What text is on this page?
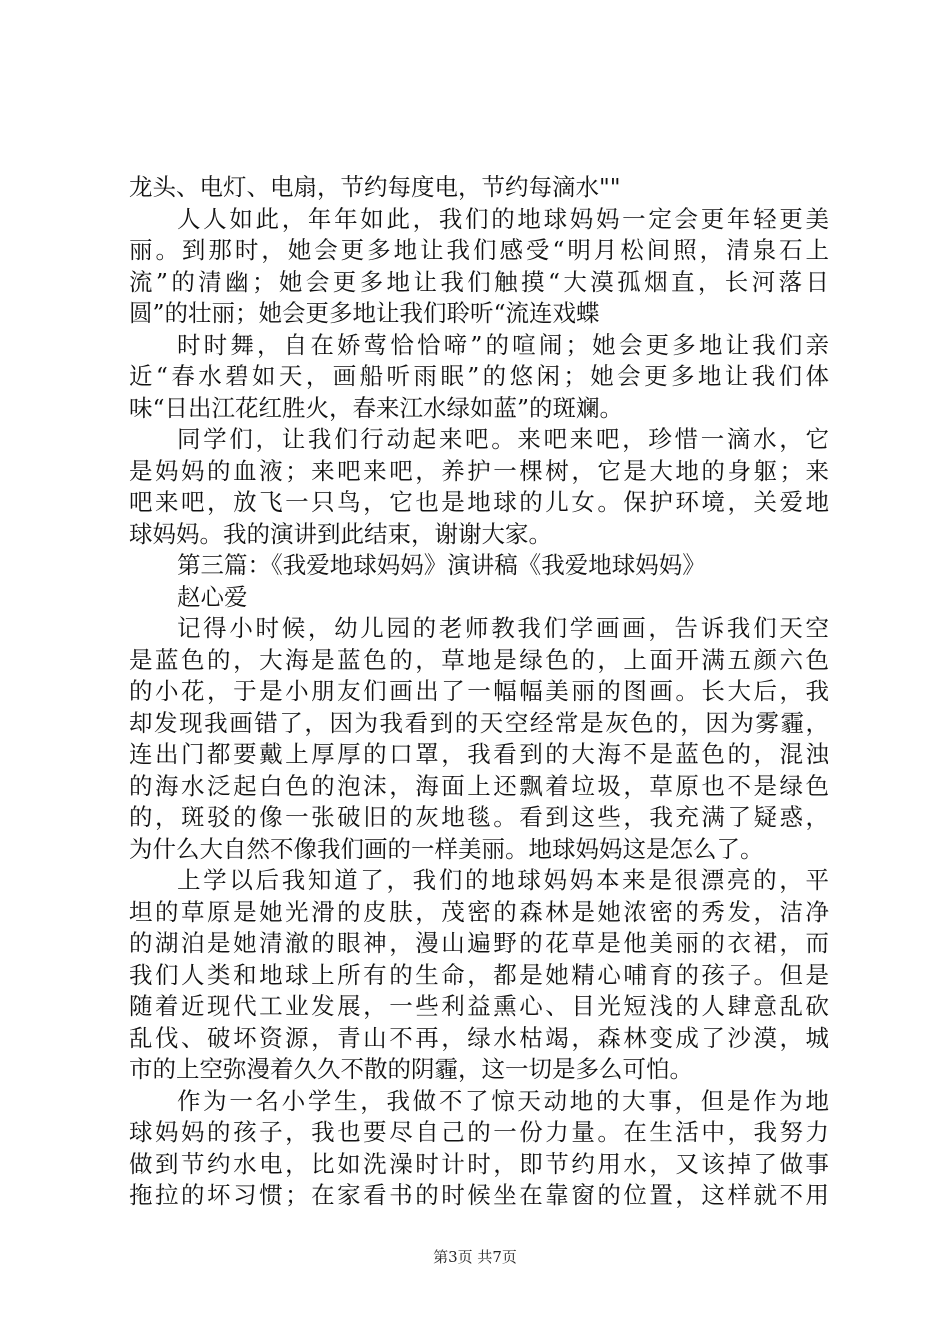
龙头、电灯、电扇，节约每度电，节约每滴水""
人人如此，年年如此，我们的地球妈妈一定会更年轻更美
丽。到那时，她会更多地让我们感受“明月松间照，清泉石上
流”的清幽；她会更多地让我们触摸“大漠孤烟直，长河落日
圆”的壮丽；她会更多地让我们聆听“流连戏蝶
时时舞，自在娇莺恰恰啼”的喧闹；她会更多地让我们亲
近“春水碧如天，画船听雨眠”的悠闲；她会更多地让我们体
味“日出江花红胜火，春来江水绿如蓝”的斑斓。
同学们，让我们行动起来吧。来吧来吧，珍惜一滴水，它
是妈妈的血液；来吧来吧，养护一棵树，它是大地的身躯；来
吧来吧，放飞一只鸟，它也是地球的儿女。保护环境，关爱地
球妈妈。我的演讲到此结束，谢谢大家。
第三篇：《我爱地球妈妈》演讲稿《我爱地球妈妈》
赵心爱
记得小时候，幼儿园的老师教我们学画画，告诉我们天空
是蓝色的，大海是蓝色的，草地是绿色的，上面开满五颜六色
的小花，于是小朋友们画出了一幅幅美丽的图画。长大后，我
却发现我画错了，因为我看到的天空经常是灰色的，因为雾霾，
连出门都要戴上厚厚的口罩，我看到的大海不是蓝色的，混浊
的海水泛起白色的泡沫，海面上还飘着垃圾，草原也不是绿色
的，斑驳的像一张破旧的灰地毯。看到这些，我充满了疑惑，
为什么大自然不像我们画的一样美丽。地球妈妈这是怎么了。
上学以后我知道了，我们的地球妈妈本来是很漂亮的，平
坦的草原是她光滑的皮肤，茂密的森林是她浓密的秀发，洁净
的湖泊是她清澈的眼神，漫山遍野的花草是他美丽的衣裙，而
我们人类和地球上所有的生命，都是她精心哺育的孩子。但是
随着近现代工业发展，一些利益熏心、目光短浅的人肆意乱砍
乱伐、破坏资源，青山不再，绿水枯竭，森林变成了沙漠，城
市的上空弥漫着久久不散的阴霾，这一切是多么可怕。
作为一名小学生，我做不了惊天动地的大事，但是作为地
球妈妈的孩子，我也要尽自己的一份力量。在生活中，我努力
做到节约水电，比如洗澡时计时，即节约用水，又该掉了做事
拖拉的坏习惯；在家看书的时候坐在靠窗的位置，这样就不用
第3页 共7页
